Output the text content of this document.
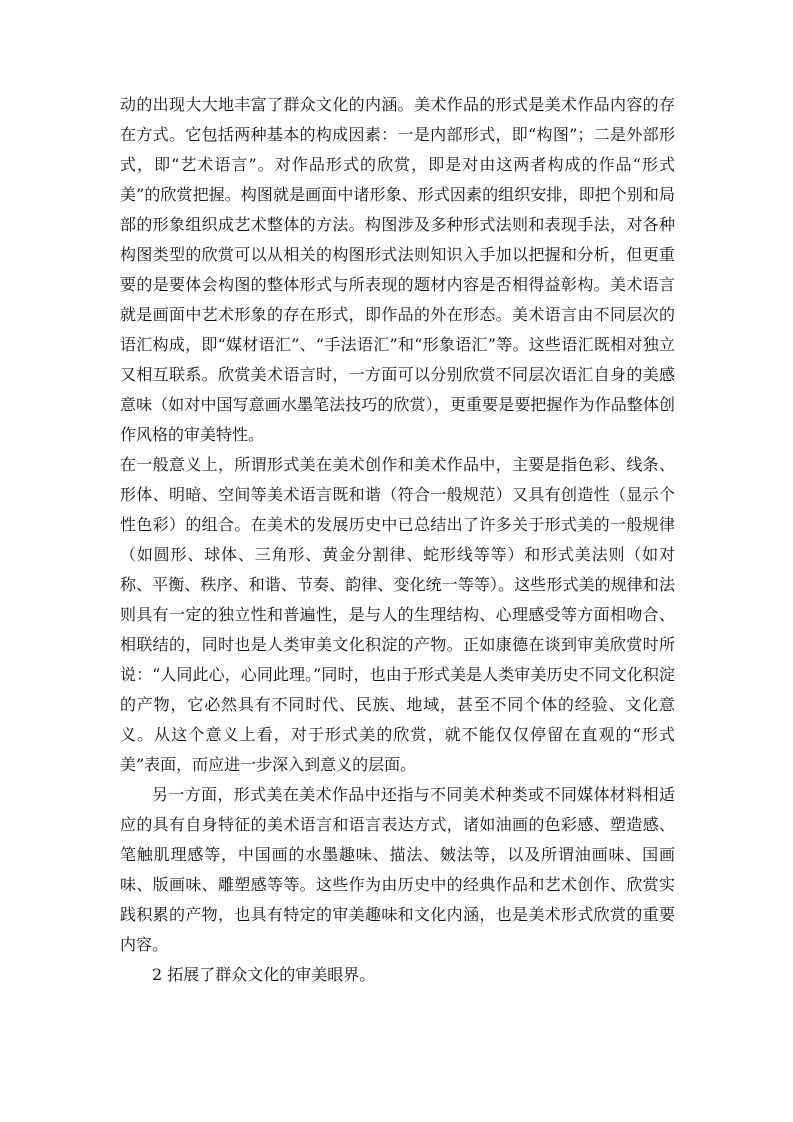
动的出现大大地丰富了群众文化的内涵。美术作品的形式是美术作品内容的存在方式。它包括两种基本的构成因素：一是内部形式，即“构图”；二是外部形式，即“艺术语言”。对作品形式的欣赏，即是对由这两者构成的作品“形式美”的欣赏把握。构图就是画面中诸形象、形式因素的组织安排，即把个别和局部的形象组织成艺术整体的方法。构图涉及多种形式法则和表现手法，对各种构图类型的欣赏可以从相关的构图形式法则知识入手加以把握和分析，但更重要的是要体会构图的整体形式与所表现的题材内容是否相得益彰构。美术语言就是画面中艺术形象的存在形式，即作品的外在形态。美术语言由不同层次的语汇构成，即“媒材语汇”、“手法语汇”和“形象语汇”等。这些语汇既相对独立又相互联系。欣赏美术语言时，一方面可以分别欣赏不同层次语汇自身的美感意味（如对中国写意画水墨笔法技巧的欣赏），更重要是要把握作为作品整体创作风格的审美特性。

在一般意义上，所谓形式美在美术创作和美术作品中，主要是指色彩、线条、形体、明暗、空间等美术语言既和谐（符合一般规范）又具有创造性（显示个性色彩）的组合。在美术的发展历史中已总结出了许多关于形式美的一般规律（如圆形、球体、三角形、黄金分割律、蛇形线等等）和形式美法则（如对称、平衡、秩序、和谐、节奏、韵律、变化统一等等）。这些形式美的规律和法则具有一定的独立性和普遍性，是与人的生理结构、心理感受等方面相吻合、相联结的，同时也是人类审美文化积淀的产物。正如康德在谈到审美欣赏时所说：“人同此心，心同此理。”同时，也由于形式美是人类审美历史不同文化积淀的产物，它必然具有不同时代、民族、地域，甚至不同个体的经验、文化意义。从这个意义上看，对于形式美的欣赏，就不能仅仅停留在直观的“形式美”表面，而应进一步深入到意义的层面。

另一方面，形式美在美术作品中还指与不同美术种类或不同媒体材料相适应的具有自身特征的美术语言和语言表达方式，诸如油画的色彩感、塑造感、笔触肌理感等，中国画的水墨趣味、描法、皴法等，以及所谓油画味、国画味、版画味、雕塑感等等。这些作为由历史中的经典作品和艺术创作、欣赏实践积累的产物，也具有特定的审美趣味和文化内涵，也是美术形式欣赏的重要内容。

2 拓展了群众文化的审美眼界。
